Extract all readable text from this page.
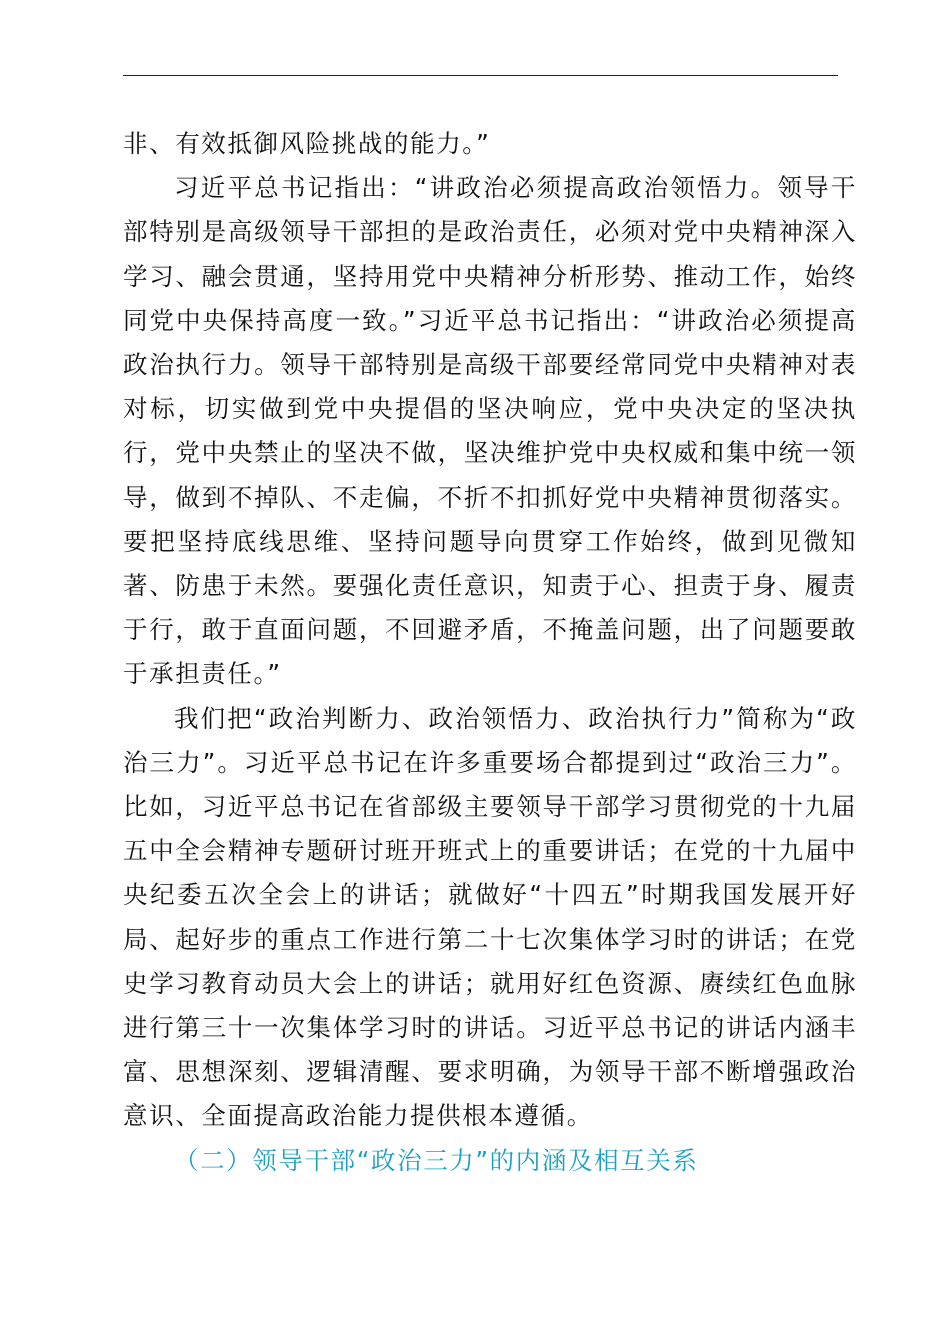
非、有效抵御风险挑战的能力。”

习近平总书记指出：“讲政治必须提高政治领悟力。领导干部特别是高级领导干部担的是政治责任，必须对党中央精神深入学习、融会贯通，坚持用党中央精神分析形势、推动工作，始终同党中央保持高度一致。”习近平总书记指出：“讲政治必须提高政治执行力。领导干部特别是高级干部要经常同党中央精神对表对标，切实做到党中央提倡的坚决响应，党中央决定的坚决执行，党中央禁止的坚决不做，坚决维护党中央权威和集中统一领导，做到不掉队、不走偏，不折不扣抓好党中央精神贯彻落实。要把坚持底线思维、坚持问题导向贯穿工作始终，做到见微知著、防患于未然。要强化责任意识，知责于心、担责于身、履责于行，敢于直面问题，不回避矛盾，不掩盖问题，出了问题要敢于承担责任。”

我们把“政治判断力、政治领悟力、政治执行力”简称为“政治三力”。习近平总书记在许多重要场合都提到过“政治三力”。比如，习近平总书记在省部级主要领导干部学习贯彻党的十九届五中全会精神专题研讨班开班式上的重要讲话；在党的十九届中央纪委五次全会上的讲话；就做好“十四五”时期我国发展开好局、起好步的重点工作进行第二十七次集体学习时的讲话；在党史学习教育动员大会上的讲话；就用好红色资源、赓续红色血脉进行第三十一次集体学习时的讲话。习近平总书记的讲话内涵丰富、思想深刻、逻辑清醒、要求明确，为领导干部不断增强政治意识、全面提高政治能力提供根本遵循。

（二）领导干部“政治三力”的内涵及相互关系
